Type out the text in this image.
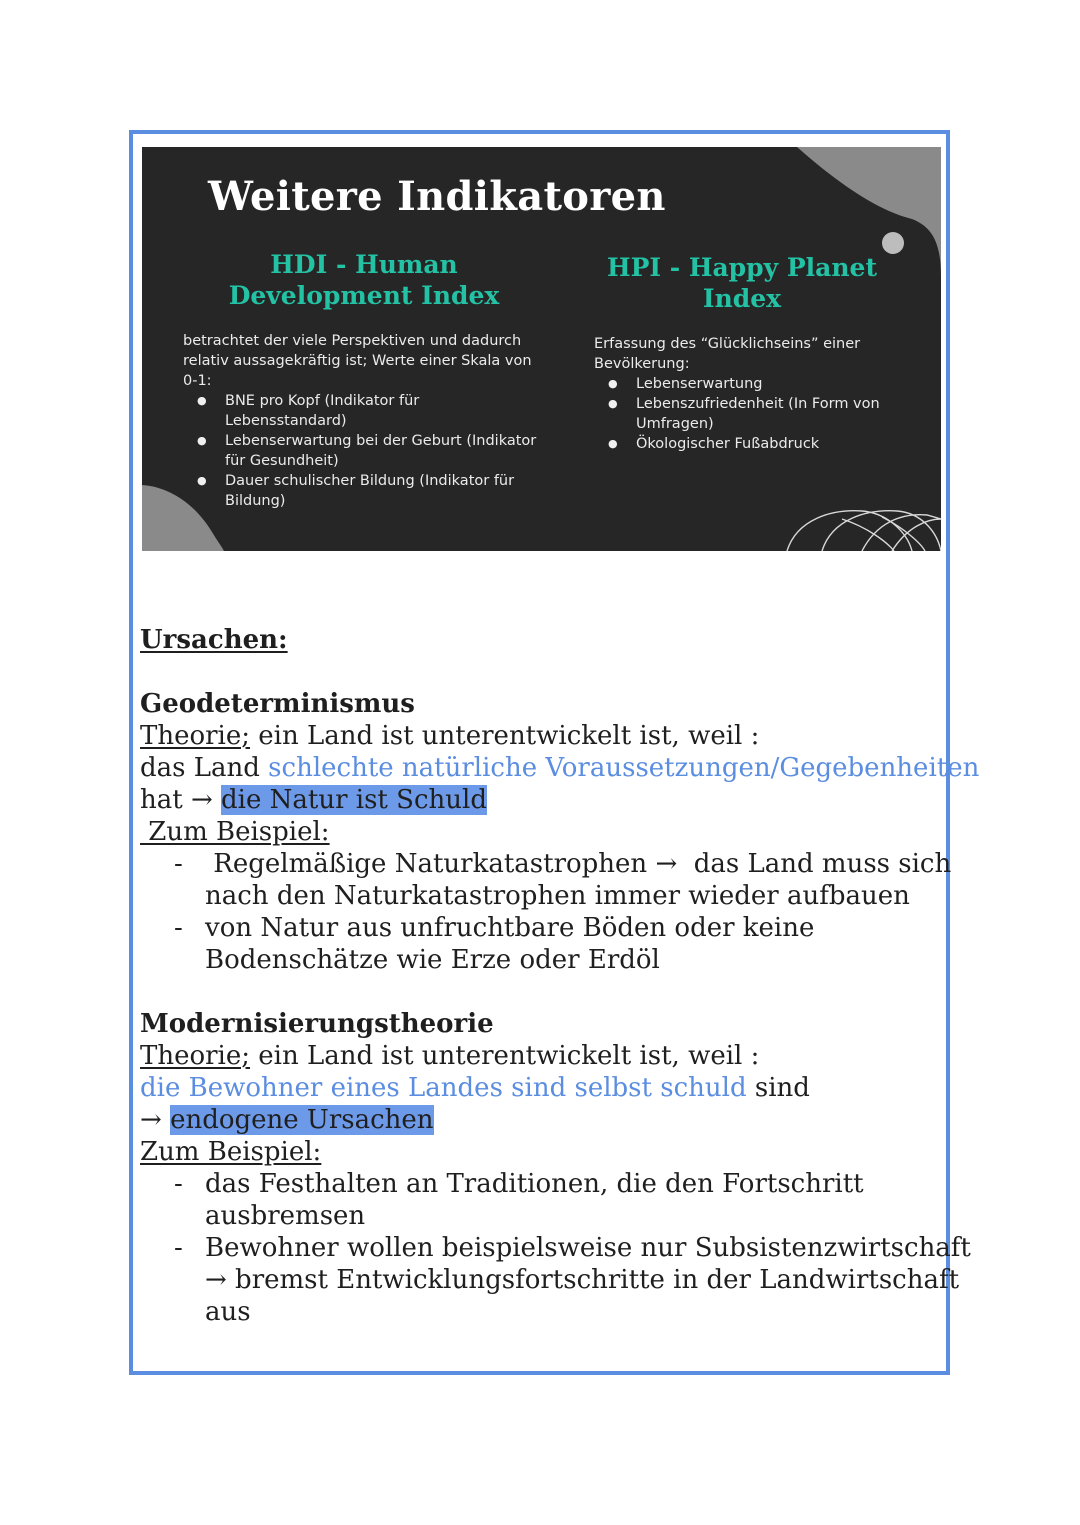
Weitere Indikatoren
HDI - Human
Development Index

betrachtet der viele Perspektiven und dadurch

relativ aussagekräftig ist; Werte einer Skala von

0-1:

● BNE pro Kopf (Indikator für
Lebensstandard)
● Lebenserwartung bei der Geburt (Indikator
für Gesundheit)
● Dauer schulischer Bildung (Indikator für
Bildung)
HPI - Happy Planet
Index

Erfassung des “Glücklichseins” einer

Bevölkerung:

● Lebenserwartung
● Lebenszufriedenheit (In Form von
Umfragen)
● Ökologischer Fußabdruck

Ursachen:

Geodeterminismus

Theorie; ein Land ist unterentwickelt ist, weil :

das Land schlechte natürliche Voraussetzungen/Gegebenheiten

hat → die Natur ist Schuld

Zum Beispiel:

-  Regelmäßige Naturkatastrophen →  das Land muss sich
nach den Naturkatastrophen immer wieder aufbauen
- von Natur aus unfruchtbare Böden oder keine
Bodenschätze wie Erze oder Erdöl

Modernisierungstheorie

Theorie; ein Land ist unterentwickelt ist, weil :

die Bewohner eines Landes sind selbst schuld sind

→ endogene Ursachen

Zum Beispiel:

- das Festhalten an Traditionen, die den Fortschritt
ausbremsen
- Bewohner wollen beispielsweise nur Subsistenzwirtschaft
→ bremst Entwicklungsfortschritte in der Landwirtschaft
aus
